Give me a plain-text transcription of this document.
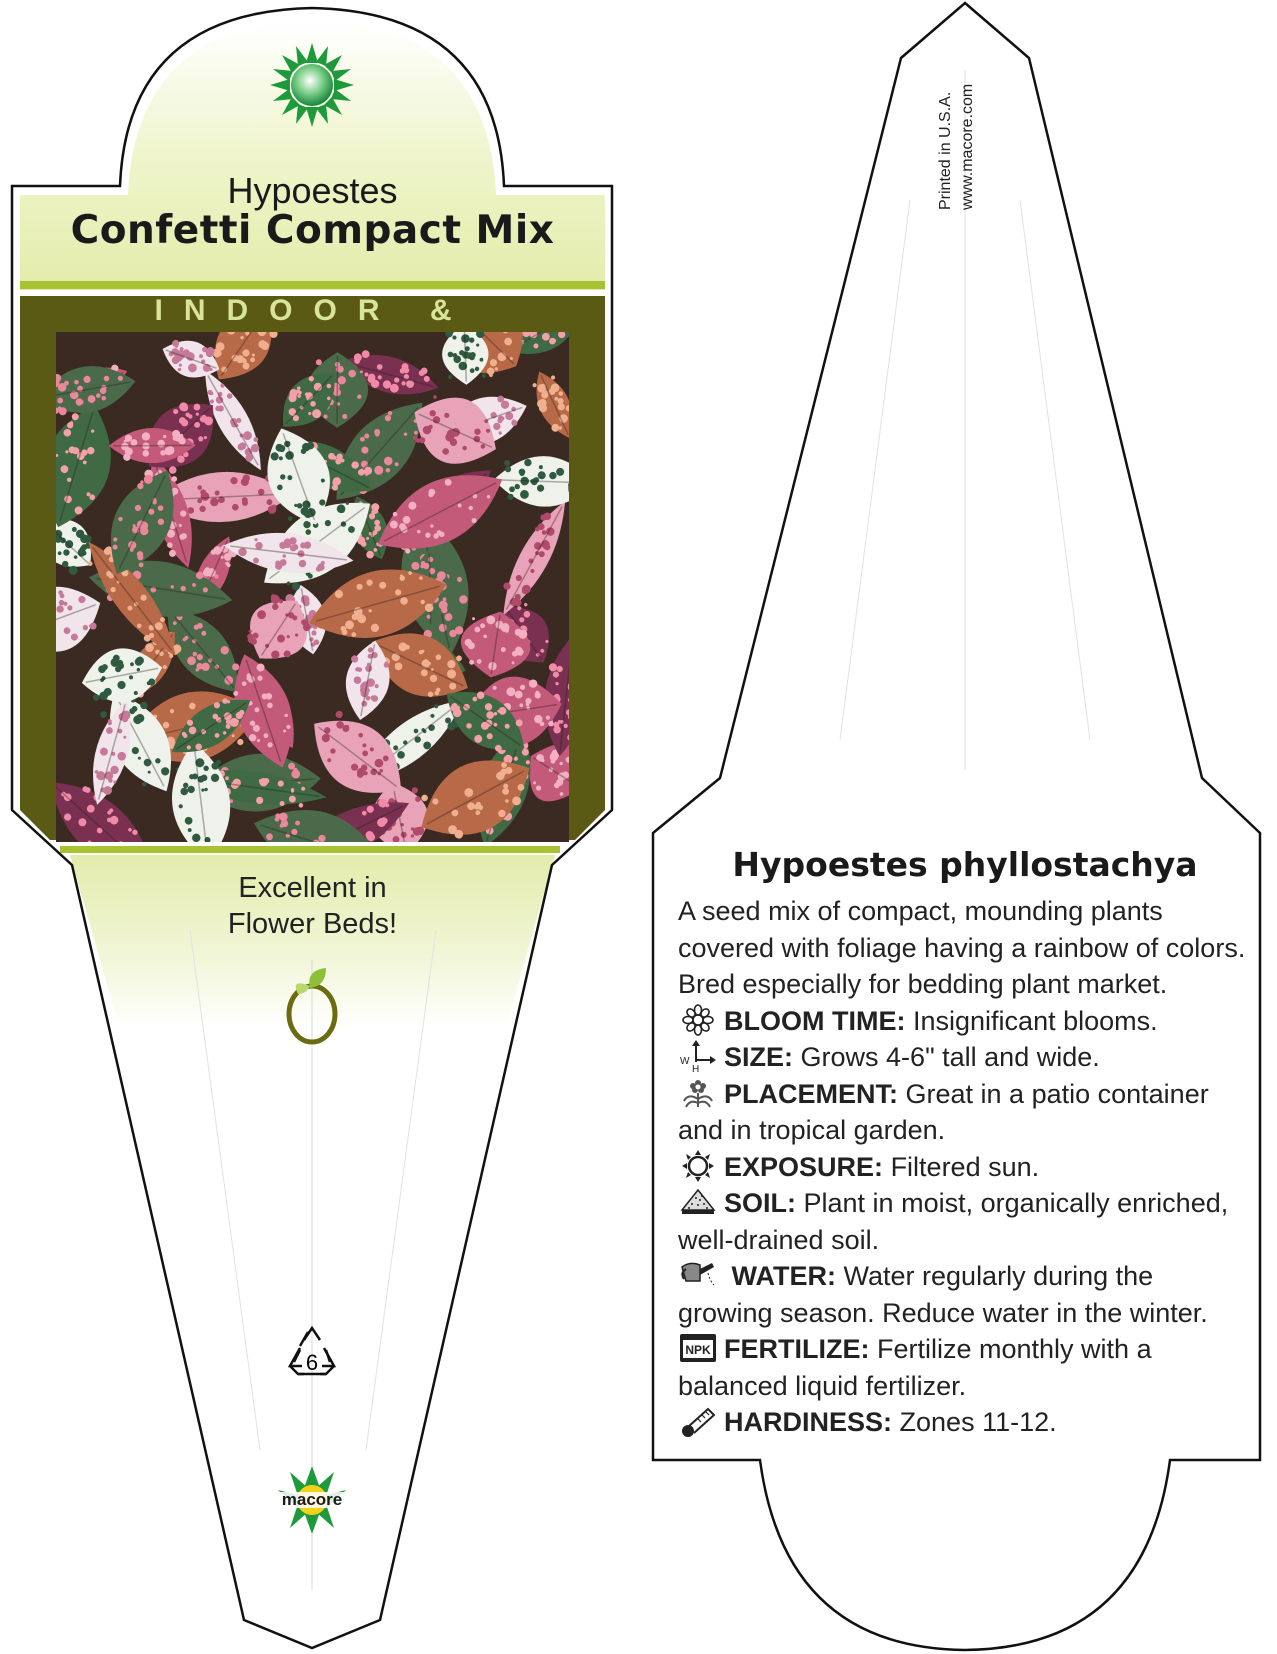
Hypoestes
Confetti Compact Mix
INDOOR &
Excellent in
Flower Beds!
6
macore
Printed in U.S.A. www.macore.com
Hypoestes phyllostachya

A seed mix of compact, mounding plants covered with foliage having a rainbow of colors. Bred especially for bedding plant market.

BLOOM TIME: Insignificant blooms.
W
H SIZE: Grows 4-6" tall and wide.
PLACEMENT: Great in a patio container and in tropical garden.
EXPOSURE: Filtered sun.
SOIL: Plant in moist, organically enriched, well-drained soil.
WATER: Water regularly during the growing season. Reduce water in the winter.
NPK FERTILIZE: Fertilize monthly with a balanced liquid fertilizer.
HARDINESS: Zones 11-12.
